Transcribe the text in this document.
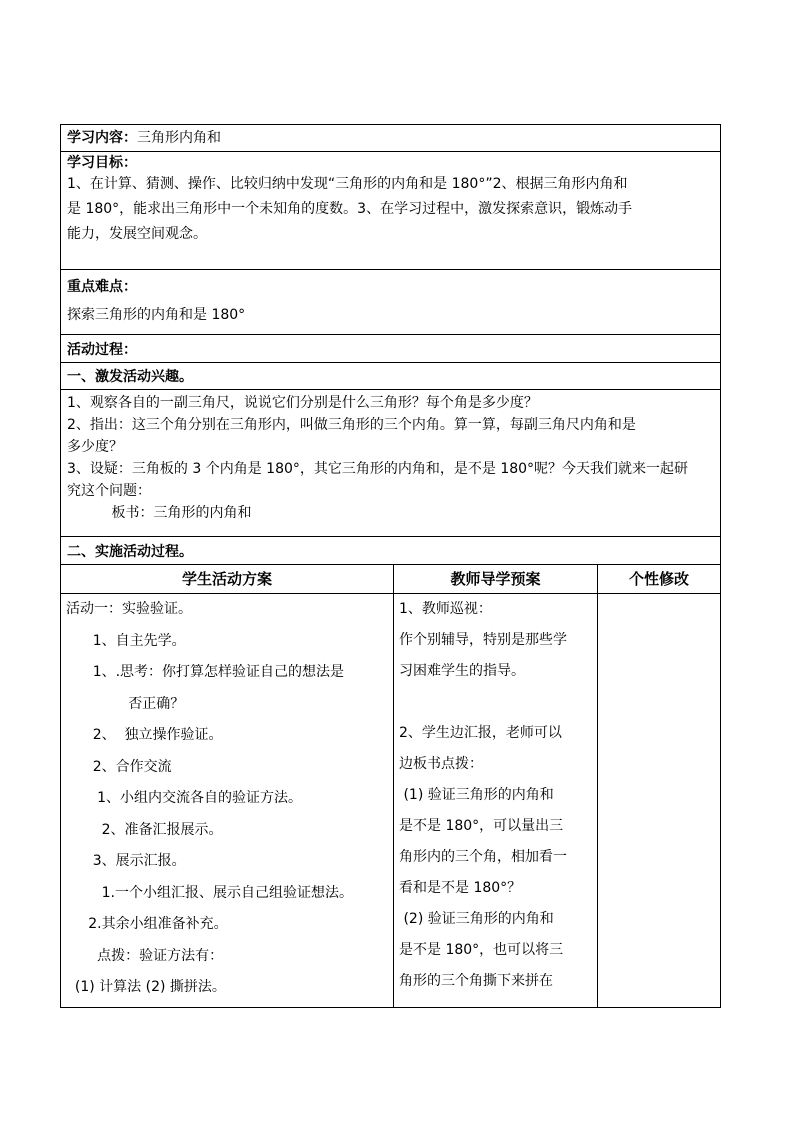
学习内容：三角形内角和
学习目标：
1、在计算、猜测、操作、比较归纳中发现“三角形的内角和是 180°”2、根据三角形内角和
是 180°，能求出三角形中一个未知角的度数。3、在学习过程中，激发探索意识，锻炼动手
能力，发展空间观念。
重点难点：
探索三角形的内角和是 180°
活动过程：
一、激发活动兴趣。
1、观察各自的一副三角尺，说说它们分别是什么三角形？每个角是多少度？
2、指出：这三个角分别在三角形内，叫做三角形的三个内角。算一算，每副三角尺内角和是
多少度？
3、设疑：三角板的 3 个内角是 180°，其它三角形的内角和，是不是 180°呢？今天我们就来一起研
究这个问题：
板书：三角形的内角和
二、实施活动过程。
学生活动方案
活动一：实验验证。
1、自主先学。
1、.思考：你打算怎样验证自己的想法是
否正确？
2、  独立操作验证。
2、合作交流
1、小组内交流各自的验证方法。
2、准备汇报展示。
3、展示汇报。
1.一个小组汇报、展示自己组验证想法。
2.其余小组准备补充。
点拨：验证方法有：
(1) 计算法 (2) 撕拼法。
教师导学预案
1、教师巡视：
作个别辅导，特别是那些学
习困难学生的指导。

2、学生边汇报，老师可以
边板书点拨：
(1) 验证三角形的内角和
是不是 180°，可以量出三
角形内的三个角，相加看一
看和是不是 180°？
(2) 验证三角形的内角和
是不是 180°，也可以将三
角形的三个角撕下来拼在
个性修改
